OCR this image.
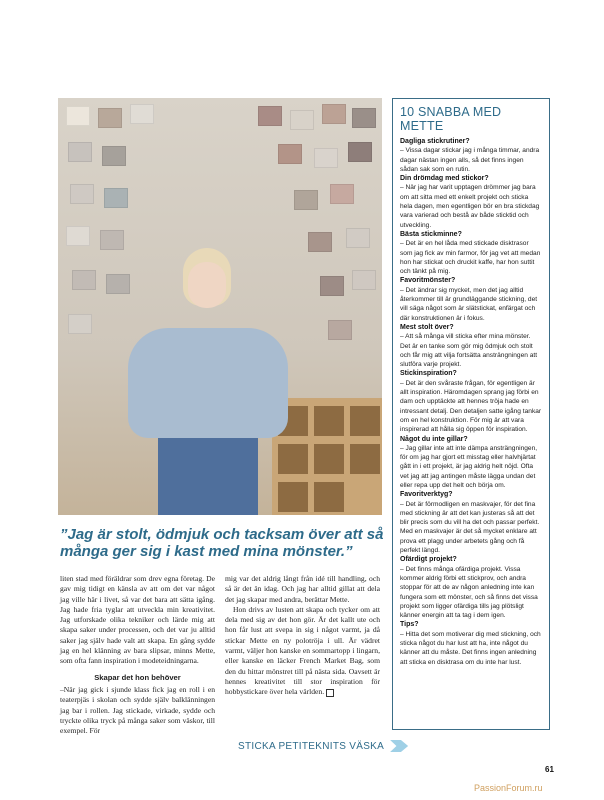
”Jag är stolt, ödmjuk och tacksam över att så många ger sig i kast med mina mönster.”

liten stad med föräldrar som drev egna företag. De gav mig tidigt en känsla av att om det var något jag ville här i livet, så var det bara att sätta igång. Jag hade fria tyglar att utveckla min kreativitet. Jag utforskade olika tekniker och lärde mig att skapa saker under processen, och det var ju alltid saker jag själv hade valt att skapa. En gång sydde jag en hel klänning av bara slipsar, minns Mette, som ofta fann inspiration i modeteidningarna.

Skapar det hon behöver

–När jag gick i sjunde klass fick jag en roll i en teaterpjäs i skolan och sydde själv balklänningen jag bar i rollen. Jag stickade, virkade, sydde och tryckte olika tryck på många saker som väskor, till exempel. För

mig var det aldrig långt från idé till handling, och så är det än idag. Och jag har alltid gillat att dela det jag skapar med andra, berättar Mette.

Hon drivs av lusten att skapa och tycker om att dela med sig av det hon gör. Är det kallt ute och hon får lust att svepa in sig i något varmt, ja då stickar Mette en ny polotröja i ull. Är vädret varmt, väljer hon kanske en sommartopp i lingarn, eller kanske en läcker French Market Bag, som den du hittar mönstret till på nästa sida. Oavsett är hennes kreativitet till stor inspiration för hobbystickare över hela världen.

STICKA PETITEKNITS VÄSKA
10 SNABBA MED METTE
Dagliga stickrutiner?
– Vissa dagar stickar jag i många timmar, andra dagar nästan ingen alls, så det finns ingen sådan sak som en rutin.
Din drömdag med stickor?
– När jag har varit upptagen drömmer jag bara om att sitta med ett enkelt projekt och sticka hela dagen, men egentligen bör en bra stickdag vara varierad och bestå av både sticktid och utveckling.
Bästa stickminne?
– Det är en hel låda med stickade disktrasor som jag fick av min farmor, för jag vet att medan hon har stickat och druckit kaffe, har hon suttit och tänkt på mig.
Favoritmönster?
– Det ändrar sig mycket, men det jag alltid återkommer till är grundläggande stickning, det vill säga något som är slätstickat, enfärgat och där konstruktionen är i fokus.
Mest stolt över?
– Att så många vill sticka efter mina mönster. Det är en tanke som gör mig ödmjuk och stolt och får mig att vilja fortsätta ansträngningen att slutföra varje projekt.
Stickinspiration?
– Det är den svåraste frågan, för egentligen är allt inspiration. Häromdagen sprang jag förbi en dam och upptäckte att hennes tröja hade en intressant detalj. Den detaljen satte igång tankar om en hel konstruktion. För mig är att vara inspirerad att hålla sig öppen för inspiration.
Något du inte gillar?
– Jag gillar inte att inte dämpa ansträngningen, för om jag har gjort ett misstag eller halvhjärtat gått in i ett projekt, är jag aldrig helt nöjd. Ofta vet jag att jag antingen måste lägga undan det eller repa upp det helt och börja om.
Favoritverktyg?
– Det är förmodligen en maskvajer, för det fina med stickning är att det kan justeras så att det blir precis som du vill ha det och passar perfekt. Med en maskvajer är det så mycket enklare att prova ett plagg under arbetets gång och få perfekt längd.
Ofärdigt projekt?
– Det finns många ofärdiga projekt. Vissa kommer aldrig förbi ett stickprov, och andra stoppar för att de av någon anledning inte kan fungera som ett mönster, och så finns det vissa projekt som ligger ofärdiga tills jag plötsligt känner energin att ta tag i dem igen.
Tips?
– Hitta det som motiverar dig med stickning, och sticka något du har lust att ha, inte något du känner att du måste. Det finns ingen anledning att sticka en disktrasa om du inte har lust.
61
PassionForum.ru
